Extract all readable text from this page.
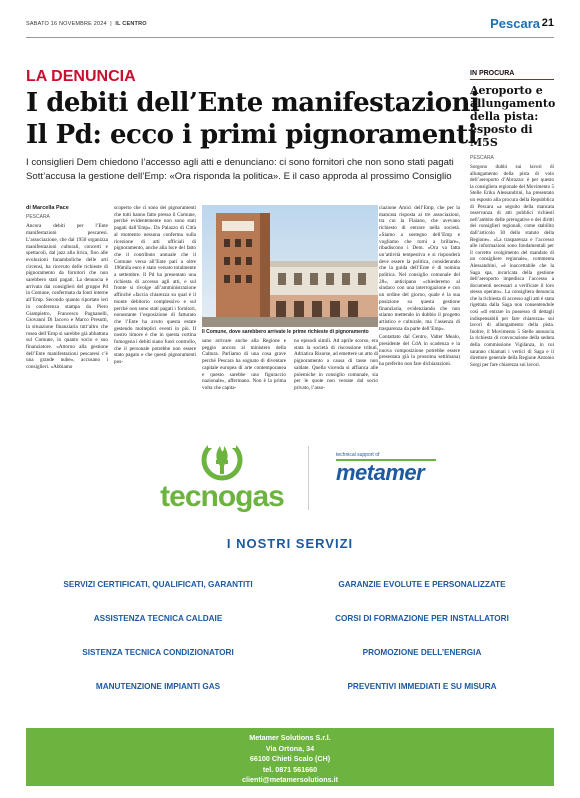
SABATO 16 NOVEMBRE 2024  |  IL CENTRO	Pescara 21
LA DENUNCIA
I debiti dell’Ente manifestazioni
Il Pd: ecco i primi pignoramenti
I consiglieri Dem chiedono l’accesso agli atti e denunciano: ci sono fornitori che non sono stati pagati
Sott’accusa la gestione dell’Emp: «Ora risponda la politica». E il caso approda al prossimo Consiglio
di Marcella Pace
PESCARA
Ancora debiti per l’Ente manifestazioni pescaresi. L’associazione, che dal 1950 organizza manifestazioni culturali, concerti e spettacoli, dal jazz alla lirica, fino alle evoluzioni funamboliche delle arti circensi, ha ricevuto delle richieste di pignoramento da fornitori che non sarebbero stati pagati. La denuncia è arrivata dai consiglieri del gruppo Pd in Comune, confermata da fonti interne all’Emp. Secondo quanto riportato ieri in conferenza stampa da Piero Giampietro, Francesco Pagnanelli, Giovanni Di Iacovo e Marco Presutti, la situazione finanziaria tutt’altro che rosea dell’Emp si sarebbe già abbattuta sul Comune, in quanto socio e suo finanziatore. «Attorno alla gestione dell’Ente manifestazioni pescaresi c’è una grande nube», accusano i consiglieri. «Abbiamo
scoperto che ci sono dei pignoramenti che tutti hanno fatto presso il Comune, perché evidentemente non sono stati pagati dall’Emp». Da Palazzo di Città al momento nessuna conferma sulla ricezione di atti ufficiali di pignoramento, anche alla luce del fatto che il contributo annuale che il Comune versa all’Ente pari a oltre 196mila euro è stato versato totalmente a settembre. Il Pd ha presentato una richiesta di accesso agli atti, e sul fronte si rivolge all’amministrazione affinché «faccia chiarezza su qual è il monte debitorio complessivo e sul perché non sono stati pagati i fornitori, nonostante l’esposizione di fatturato che l’Ente ha avuto questa estate gestendo molteplici eventi in più. Il nostro timore è che in questa cortina fumogena i debiti siano fuori controllo, che il personale potrebbe non essere stato pagato e che questi pignoramenti pos-
Il Comune, dove sarebbero arrivate le prime richieste di pignoramento
sano arrivare anche alla Regione e peggio ancora al ministero della Cultura. Parliamo di una cosa grave perché Pescara ha sognato di diventare capitale europea di arte contemporanea e questo sarebbe uno figuraccio nazionale», affermano. Non è la prima volta che capita-
no episodi simili. Ad aprile scorso, era stata la società di riscossione tributi, Adriatica Risorse, ad emettere un atto di pignoramento a causa di tasse non saldate. Quella vicenda si affianca alle polemiche in consiglio comunale, sia per le quote non versate dal socio privato, l’asso-
ciazione Amici dell’Emp, che per la mancata risposta ai tre associazioni, tra cui la Flaiano, che avevano richiesto di entrare nella società. «Siamo a sostegno dell’Emp e vogliamo che torni a brillare», ribadiscono i Dem. «Ora va fatta un’attività tempestiva e si risponderà deve essere la politica, considerando che la guida dell’Ente è di nomina politica. Nel consiglio comunale del 28», anticipano «chiederemo al sindaco con una interrogazione e con un ordine del giorno, quale è la sua posizione su questa gestione finanziaria, evidenziando che non stiamo mettendo in dubbio il progetto artistico e culturale, ma l’assenza di trasparenza da parte dell’Emp».
Contattato dal Centro, Valter Mealo, presidente del CdA in scadenza e la nuova composizione potrebbe essere presentata già la prossima settimana) ha preferito non fare dichiarazioni.
IN PROCURA
Aeroporto e allungamento della pista: esposto di M5S
PESCARA
Sorgono dubbi sui lavori di allungamento della pista di volo dell’aeroporto d’Abruzzo: è per questo la consigliera regionale del Movimento 5 Stelle Erika Alessandrini, ha presentato un esposto alla procura della Repubblica di Pescara «a seguito della mancata osservanza di atti pubblici richiesti nell’ambito delle prerogative e dei diritti dei consiglieri regionali, come stabilito dall’articolo 30 dello statuto della Regione». «La trasparenza e l’accesso alle informazioni sono fondamentali per il corretto svolgimento del mandato di un consigliere regionale», commenta Alessandrini, «è inaccettabile che la Saga spa, incaricata della gestione dell’aeroporto impedisca l’accesso a documenti necessari a verificare il loro stesso operato». La consigliera denuncia che la richiesta di accesso agli atti è stata rigettata dalla Saga non consentendole così «di entrare in possesso di dettagli indispensabili per fare chiarezza» sui lavori di allungamento della pista. Inoltre, il Movimento 5 Stelle annuncia la richiesta di convocazione della seduta della commissione Vigilanza, in cui saranno chiamati i vertici di Saga e il direttore generale della Regione Antonio Sorgi per fare chiarezza sui lavori.
tecnogas
technical support of
metamer
I NOSTRI SERVIZI
SERVIZI CERTIFICATI, QUALIFICATI, GARANTITI	GARANZIE EVOLUTE E PERSONALIZZATE
ASSISTENZA TECNICA CALDAIE	CORSI DI FORMAZIONE PER INSTALLATORI
SISTENZA TECNICA CONDIZIONATORI	PROMOZIONE DELL’ENERGIA
MANUTENZIONE IMPIANTI GAS	PREVENTIVI IMMEDIATI E SU MISURA
Metamer Solutions S.r.l.
Via Ortona, 34
66100 Chieti Scalo (CH)
tel. 0871 561660
clienti@metamersolutions.it
